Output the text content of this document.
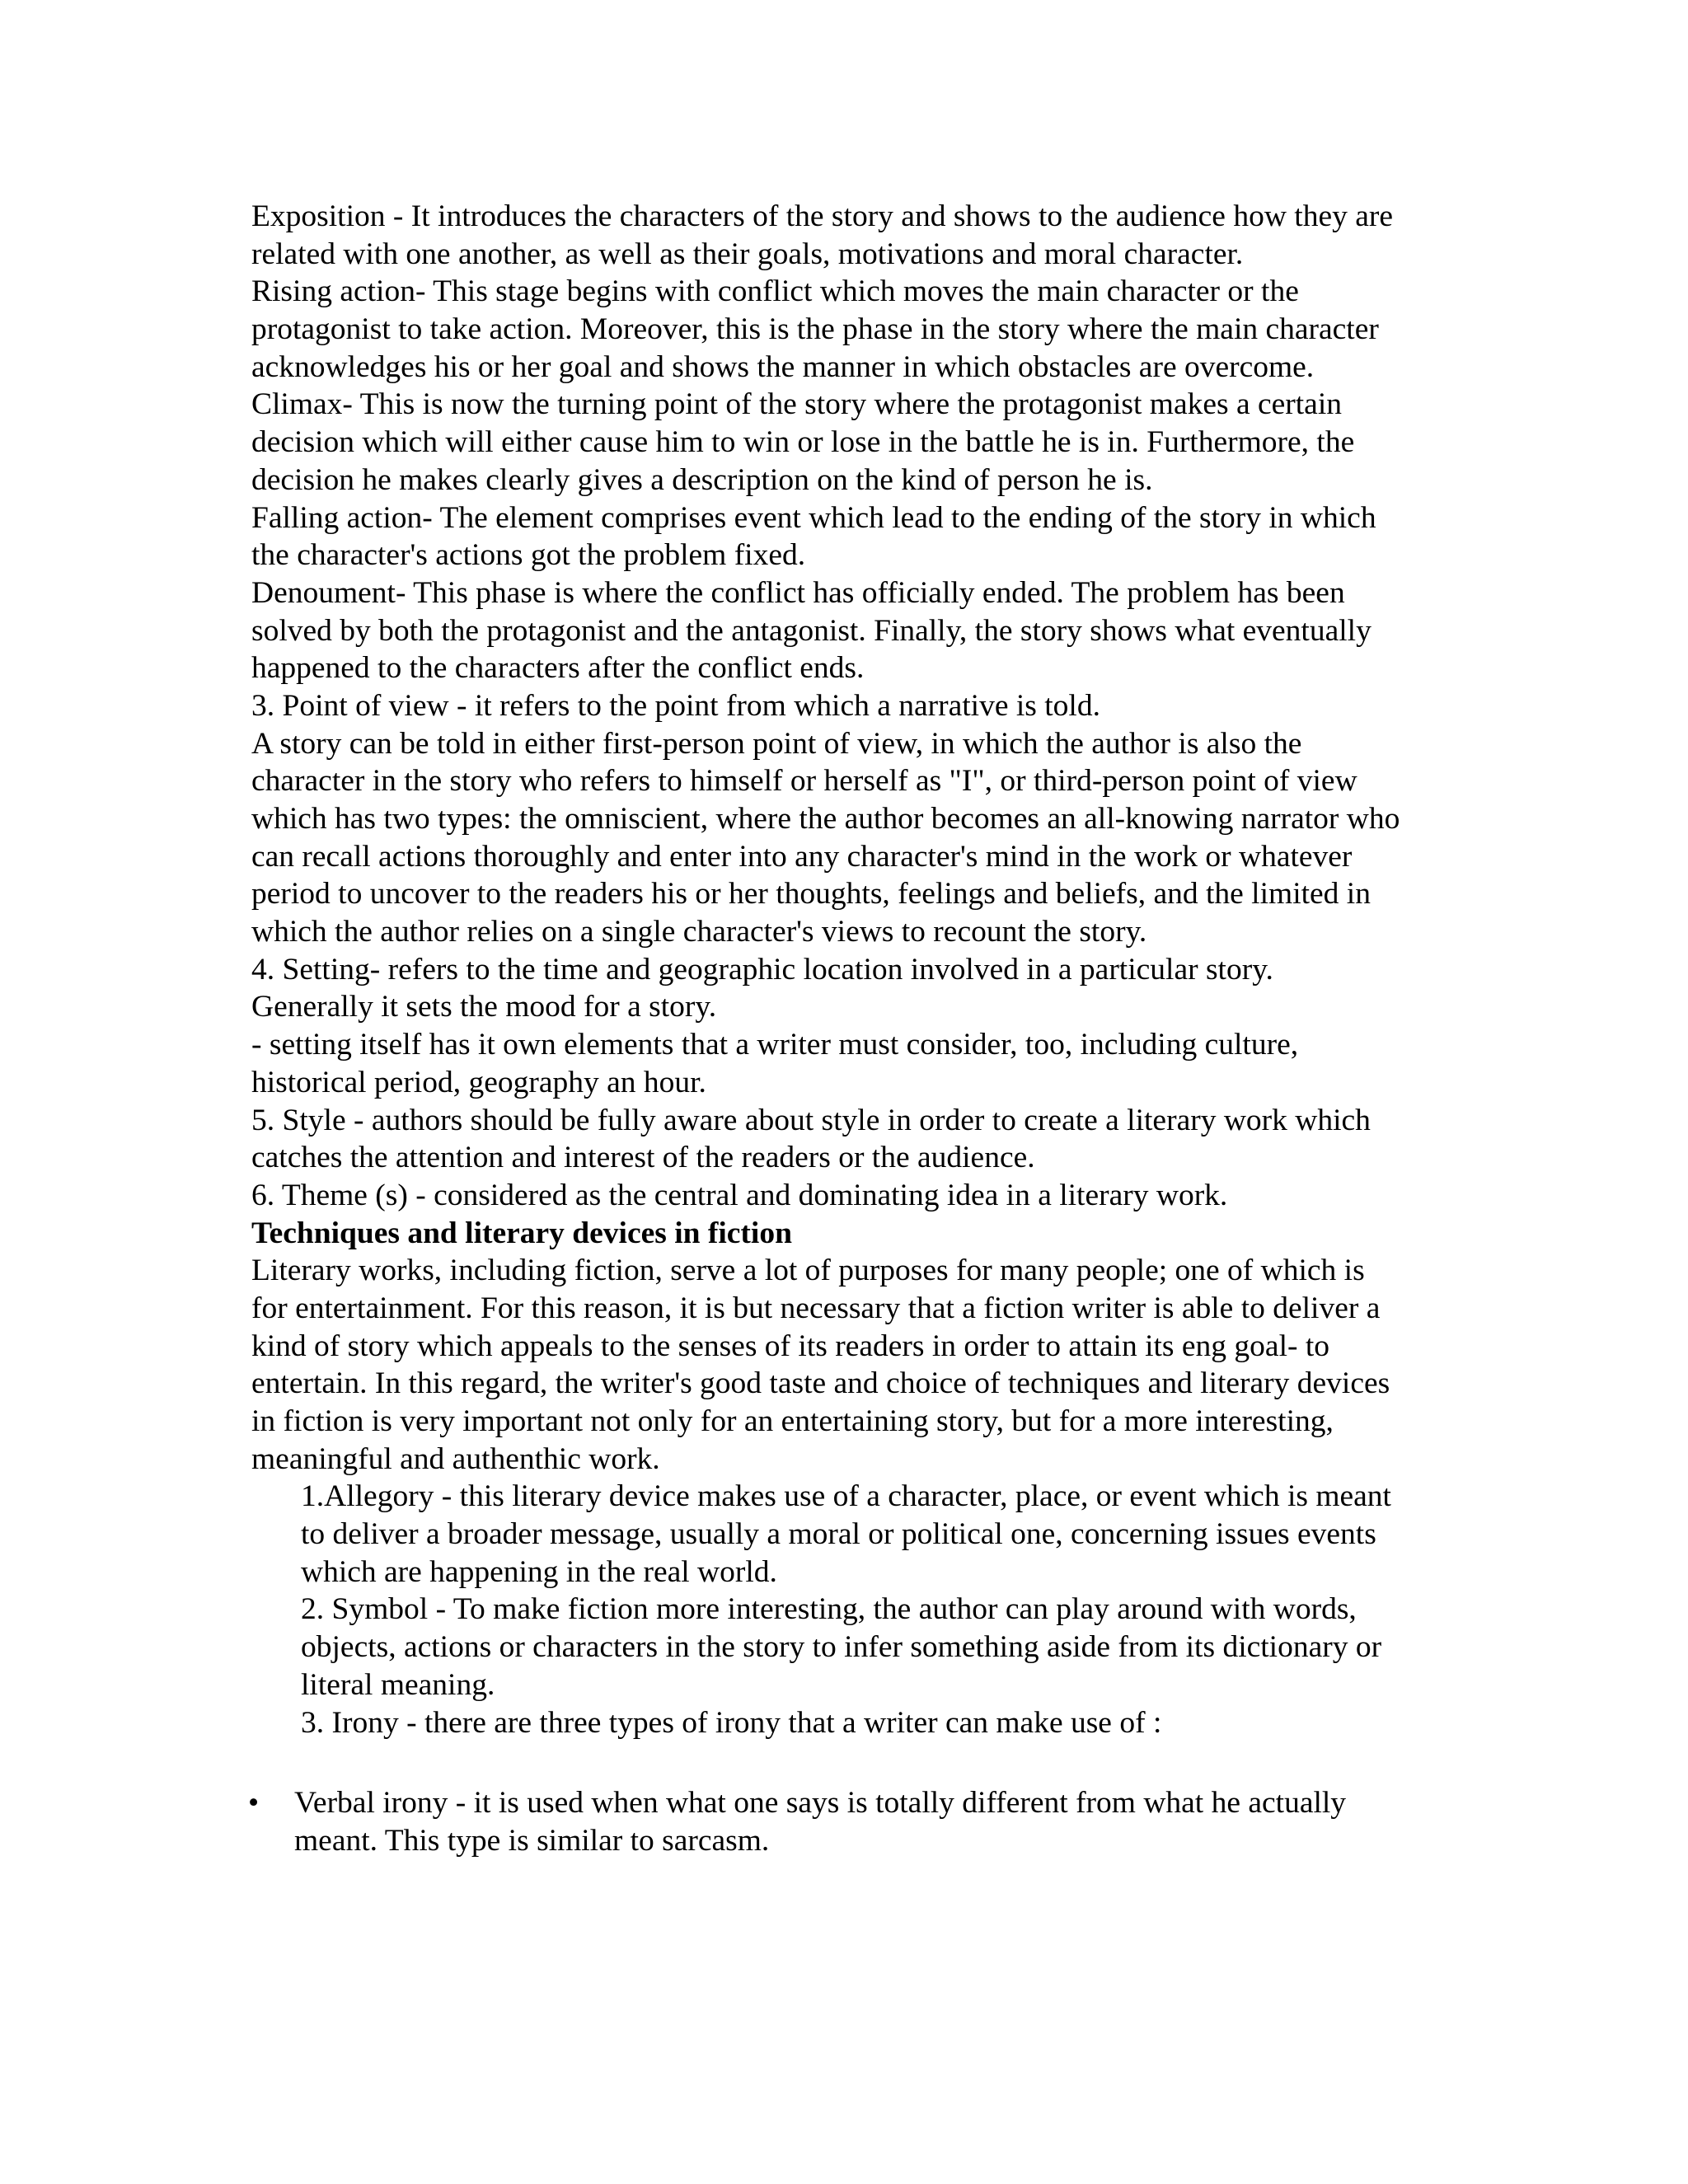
Exposition - It introduces the characters of the story and shows to the audience how they are
related with one another, as well as their goals, motivations and moral character.
Rising action- This stage begins with conflict which moves the main character or the
protagonist to take action. Moreover, this is the phase in the story where the main character
acknowledges his or her goal and shows the manner in which obstacles are overcome.
Climax- This is now the turning point of the story where the protagonist makes a certain
decision which will either cause him to win or lose in the battle he is in. Furthermore, the
decision he makes clearly gives a description on the kind of person he is.
Falling action- The element comprises event which lead to the ending of the story in which
the character's actions got the problem fixed.
Denoument- This phase is where the conflict has officially ended. The problem has been
solved by both the protagonist and the antagonist. Finally, the story shows what eventually
happened to the characters after the conflict ends.
3. Point of view - it refers to the point from which a narrative is told.
A story can be told in either first-person point of view, in which the author is also the
character in the story who refers to himself or herself as "I", or third-person point of view
which has two types: the omniscient, where the author becomes an all-knowing narrator who
can recall actions thoroughly and enter into any character's mind in the work or whatever
period to uncover to the readers his or her thoughts, feelings and beliefs, and the limited in
which the author relies on a single character's views to recount the story.
4. Setting- refers to the time and geographic location involved in a particular story.
Generally it sets the mood for a story.
- setting itself has it own elements that a writer must consider, too, including culture,
historical period, geography an hour.
5. Style - authors should be fully aware about style in order to create a literary work which
catches the attention and interest of the readers or the audience.
6. Theme (s) - considered as the central and dominating idea in a literary work.
Techniques and literary devices in fiction
Literary works, including fiction, serve a lot of purposes for many people; one of which is
for entertainment. For this reason, it is but necessary that a fiction writer is able to deliver a
kind of story which appeals to the senses of its readers in order to attain its eng goal- to
entertain. In this regard, the writer's good taste and choice of techniques and literary devices
in fiction is very important not only for an entertaining story, but for a more interesting,
meaningful and authenthic work.
1.Allegory - this literary device makes use of a character, place, or event which is meant
to deliver a broader message, usually a moral or political one, concerning issues events
which are happening in the real world.
2. Symbol - To make fiction more interesting, the author can play around with words,
objects, actions or characters in the story to infer something aside from its dictionary or
literal meaning.
3. Irony - there are three types of irony that a writer can make use of :
•	Verbal irony - it is used when what one says is totally different from what he actually
meant. This type is similar to sarcasm.
